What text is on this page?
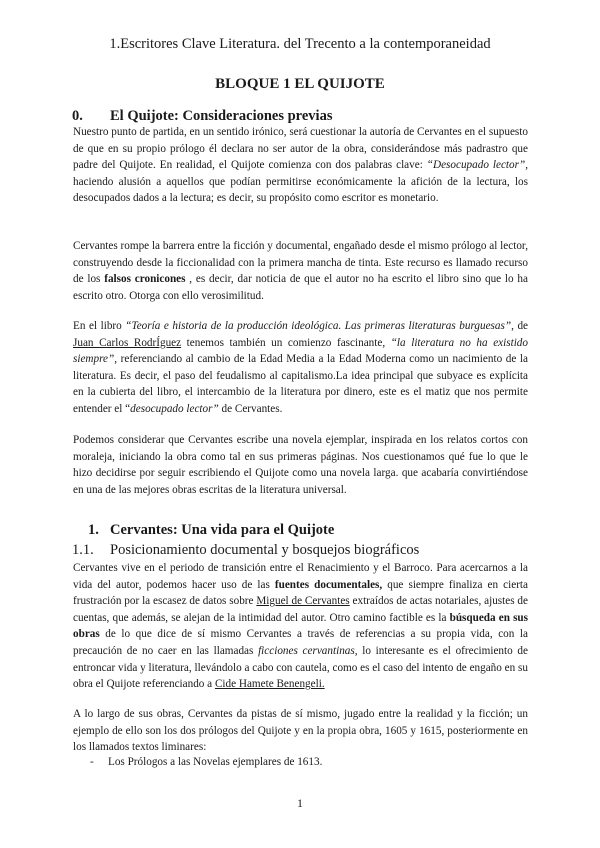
1.Escritores Clave Literatura. del Trecento a la contemporaneidad
BLOQUE 1 EL QUIJOTE
0. El Quijote: Consideraciones previas

Nuestro punto de partida, en un sentido irónico, será cuestionar la autoría de Cervantes en el supuesto de que en su propio prólogo él declara no ser autor de la obra, considerándose más padrastro que padre del Quijote. En realidad, el Quijote comienza con dos palabras clave: “Desocupado lector”, haciendo alusión a aquellos que podían permitirse económicamente la afición de la lectura, los desocupados dados a la lectura; es decir, su propósito como escritor es monetario.

Cervantes rompe la barrera entre la ficción y documental, engañado desde el mismo prólogo al lector, construyendo desde la ficcionalidad con la primera mancha de tinta. Este recurso es llamado recurso de los falsos cronicones , es decir, dar noticia de que el autor no ha escrito el libro sino que lo ha escrito otro. Otorga con ello verosimilitud.

En el libro “Teoría e historia de la producción ideológica. Las primeras literaturas burguesas”, de Juan Carlos RodrÍguez tenemos también un comienzo fascinante, “la literatura no ha existido siempre”, referenciando al cambio de la Edad Media a la Edad Moderna como un nacimiento de la literatura. Es decir, el paso del feudalismo al capitalismo.La idea principal que subyace es explícita en la cubierta del libro, el intercambio de la literatura por dinero, este es el matiz que nos permite entender el “desocupado lector” de Cervantes.

Podemos considerar que Cervantes escribe una novela ejemplar, inspirada en los relatos cortos con moraleja, iniciando la obra como tal en sus primeras páginas. Nos cuestionamos qué fue lo que le hizo decidirse por seguir escribiendo el Quijote como una novela larga. que acabaría convirtiéndose en una de las mejores obras escritas de la literatura universal.

1. Cervantes: Una vida para el Quijote
1.1. Posicionamiento documental y bosquejos biográficos

Cervantes vive en el periodo de transición entre el Renacimiento y el Barroco. Para acercarnos a la vida del autor, podemos hacer uso de las fuentes documentales, que siempre finaliza en cierta frustración por la escasez de datos sobre Miguel de Cervantes extraídos de actas notariales, ajustes de cuentas, que además, se alejan de la intimidad del autor. Otro camino factible es la búsqueda en sus obras de lo que dice de sí mismo Cervantes a través de referencias a su propia vida, con la precaución de no caer en las llamadas ficciones cervantinas, lo interesante es el ofrecimiento de entroncar vida y literatura, llevándolo a cabo con cautela, como es el caso del intento de engaño en su obra el Quijote referenciando a Cide Hamete Benengeli.

A lo largo de sus obras, Cervantes da pistas de sí mismo, jugado entre la realidad y la ficción; un ejemplo de ello son los dos prólogos del Quijote y en la propia obra, 1605 y 1615, posteriormente en los llamados textos liminares:

- Los Prólogos a las Novelas ejemplares de 1613.
1
